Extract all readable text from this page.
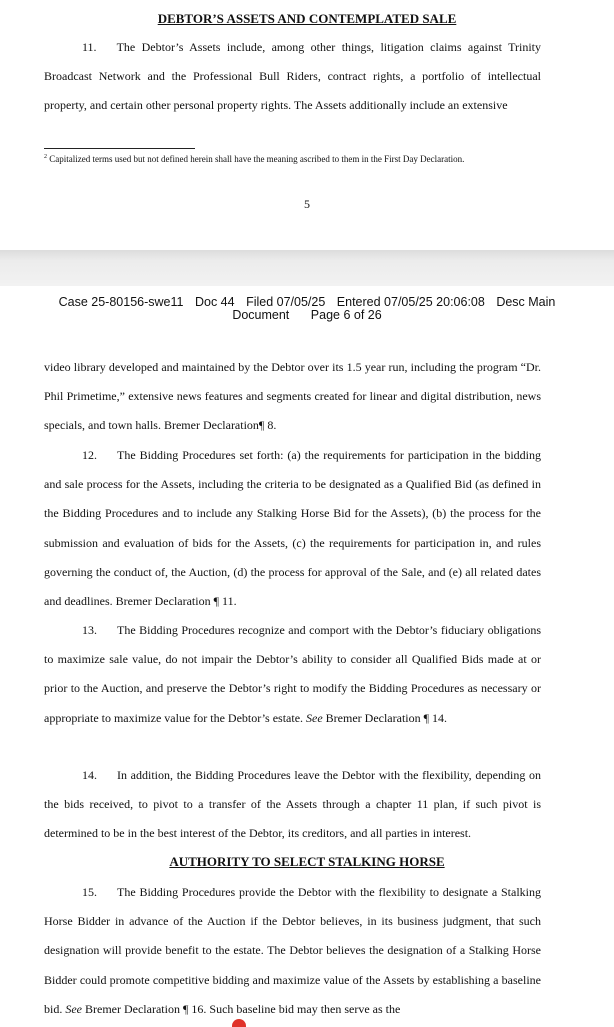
DEBTOR’S ASSETS AND CONTEMPLATED SALE
11. The Debtor’s Assets include, among other things, litigation claims against Trinity Broadcast Network and the Professional Bull Riders, contract rights, a portfolio of intellectual property, and certain other personal property rights. The Assets additionally include an extensive
$^2$ Capitalized terms used but not defined herein shall have the meaning ascribed to them in the First Day Declaration.
5
Case 25-80156-swe11 Doc 44 Filed 07/05/25 Entered 07/05/25 20:06:08 Desc Main
Document Page 6 of 26
video library developed and maintained by the Debtor over its 1.5 year run, including the program “Dr. Phil Primetime,” extensive news features and segments created for linear and digital distribution, news specials, and town halls. Bremer Declaration¶ 8.
12. The Bidding Procedures set forth: (a) the requirements for participation in the bidding and sale process for the Assets, including the criteria to be designated as a Qualified Bid (as defined in the Bidding Procedures and to include any Stalking Horse Bid for the Assets), (b) the process for the submission and evaluation of bids for the Assets, (c) the requirements for participation in, and rules governing the conduct of, the Auction, (d) the process for approval of the Sale, and (e) all related dates and deadlines. Bremer Declaration ¶ 11.
13. The Bidding Procedures recognize and comport with the Debtor’s fiduciary obligations to maximize sale value, do not impair the Debtor’s ability to consider all Qualified Bids made at or prior to the Auction, and preserve the Debtor’s right to modify the Bidding Procedures as necessary or appropriate to maximize value for the Debtor’s estate. See Bremer Declaration ¶ 14.
14. In addition, the Bidding Procedures leave the Debtor with the flexibility, depending on the bids received, to pivot to a transfer of the Assets through a chapter 11 plan, if such pivot is determined to be in the best interest of the Debtor, its creditors, and all parties in interest.
AUTHORITY TO SELECT STALKING HORSE
15. The Bidding Procedures provide the Debtor with the flexibility to designate a Stalking Horse Bidder in advance of the Auction if the Debtor believes, in its business judgment, that such designation will provide benefit to the estate. The Debtor believes the designation of a Stalking Horse Bidder could promote competitive bidding and maximize value of the Assets by establishing a baseline bid. See Bremer Declaration ¶ 16. Such baseline bid may then serve as the
